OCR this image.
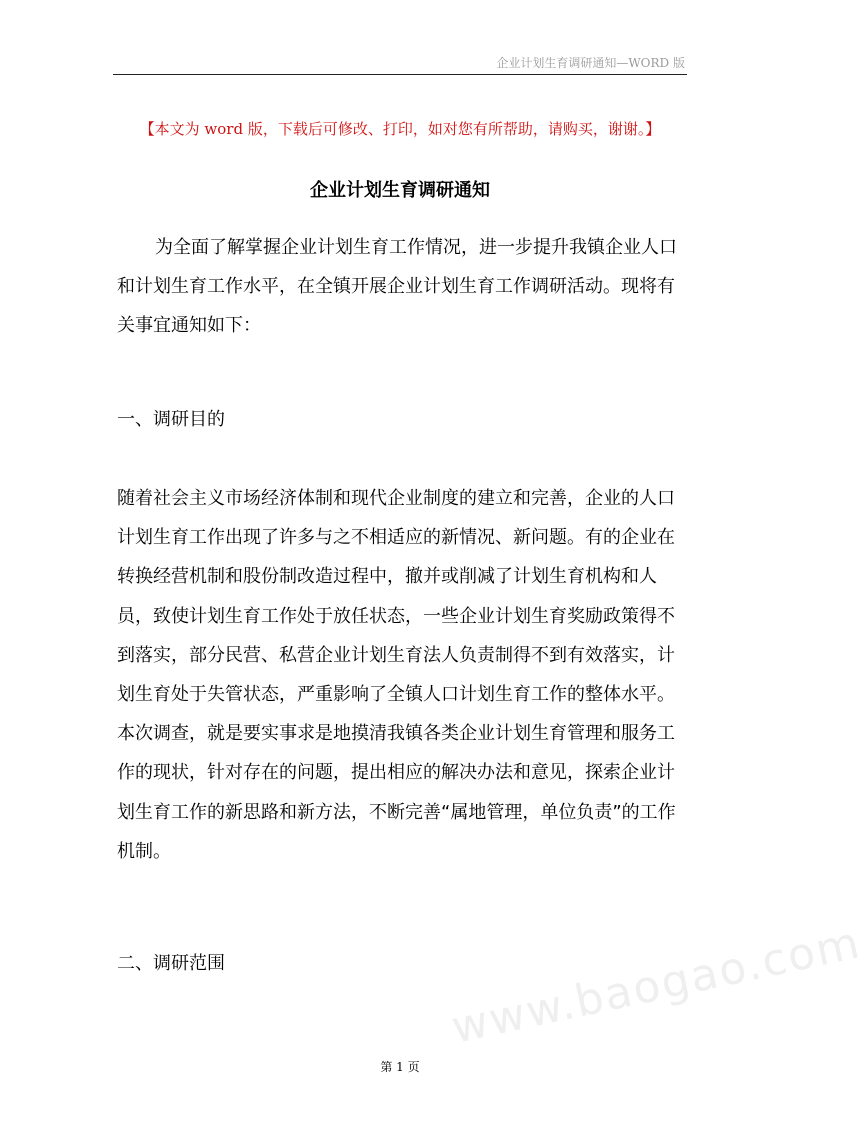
企业计划生育调研通知—WORD 版
【本文为 word 版，下载后可修改、打印，如对您有所帮助，请购买，谢谢。】
企业计划生育调研通知
为全面了解掌握企业计划生育工作情况，进一步提升我镇企业人口和计划生育工作水平，在全镇开展企业计划生育工作调研活动。现将有关事宜通知如下：
一、调研目的
随着社会主义市场经济体制和现代企业制度的建立和完善，企业的人口计划生育工作出现了许多与之不相适应的新情况、新问题。有的企业在转换经营机制和股份制改造过程中，撤并或削减了计划生育机构和人员，致使计划生育工作处于放任状态，一些企业计划生育奖励政策得不到落实，部分民营、私营企业计划生育法人负责制得不到有效落实，计划生育处于失管状态，严重影响了全镇人口计划生育工作的整体水平。本次调查，就是要实事求是地摸清我镇各类企业计划生育管理和服务工作的现状，针对存在的问题，提出相应的解决办法和意见，探索企业计划生育工作的新思路和新方法，不断完善“属地管理，单位负责”的工作机制。
二、调研范围	www.baogao.com
第 1 页
